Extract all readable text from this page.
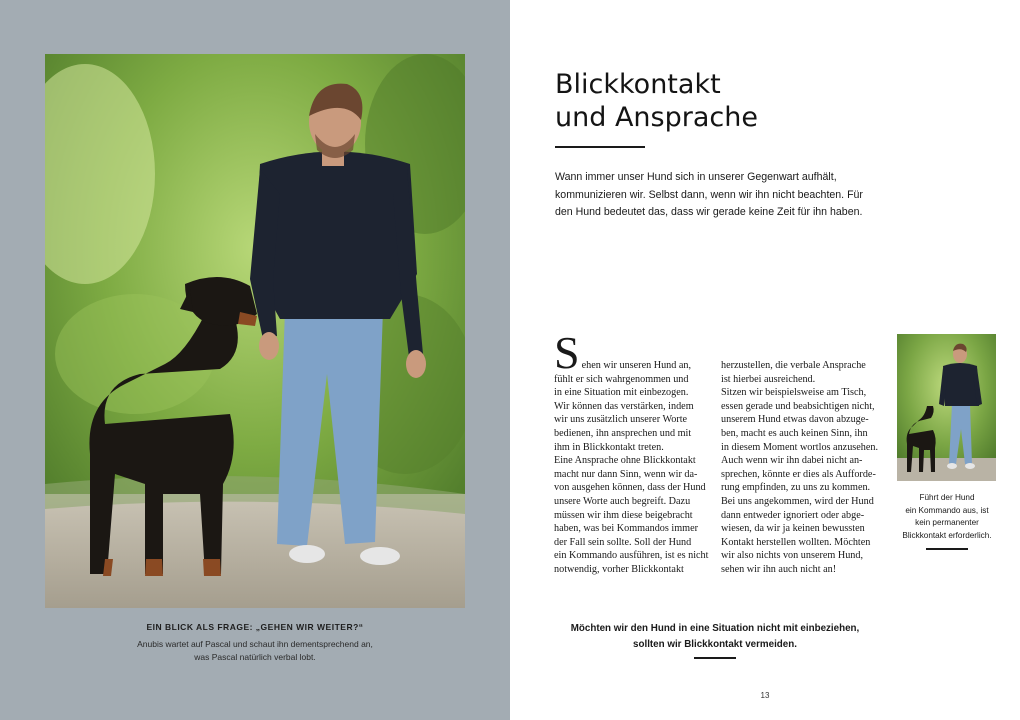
EIN BLICK ALS FRAGE: „GEHEN WIR WEITER?“
Anubis wartet auf Pascal und schaut ihn dementsprechend an,
was Pascal natürlich verbal lobt.
Blickkontakt
und Ansprache
Wann immer unser Hund sich in unserer Gegenwart aufhält,
kommunizieren wir. Selbst dann, wenn wir ihn nicht beachten. Für
den Hund bedeutet das, dass wir gerade keine Zeit für ihn haben.
S ehen wir unseren Hund an,

fühlt er sich wahrgenommen und

in eine Situation mit einbezogen.

Wir können das verstärken, indem

wir uns zusätzlich unserer Worte

bedienen, ihn ansprechen und mit

ihm in Blickkontakt treten.

Eine Ansprache ohne Blickkontakt

macht nur dann Sinn, wenn wir da-

von ausgehen können, dass der Hund

unsere Worte auch begreift. Dazu

müssen wir ihm diese beigebracht

haben, was bei Kommandos immer

der Fall sein sollte. Soll der Hund

ein Kommando ausführen, ist es nicht

notwendig, vorher Blickkontakt

herzustellen, die verbale Ansprache

ist hierbei ausreichend.

Sitzen wir beispielsweise am Tisch,

essen gerade und beabsichtigen nicht,

unserem Hund etwas davon abzuge-

ben, macht es auch keinen Sinn, ihn

in diesem Moment wortlos anzusehen.

Auch wenn wir ihn dabei nicht an-

sprechen, könnte er dies als Aufforde-

rung empfinden, zu uns zu kommen.

Bei uns angekommen, wird der Hund

dann entweder ignoriert oder abge-

wiesen, da wir ja keinen bewussten

Kontakt herstellen wollten. Möchten

wir also nichts von unserem Hund,

sehen wir ihn auch nicht an!

Führt der Hund
ein Kommando aus, ist
kein permanenter
Blickkontakt erforderlich.
Möchten wir den Hund in eine Situation nicht mit einbeziehen,
sollten wir Blickkontakt vermeiden.
13
